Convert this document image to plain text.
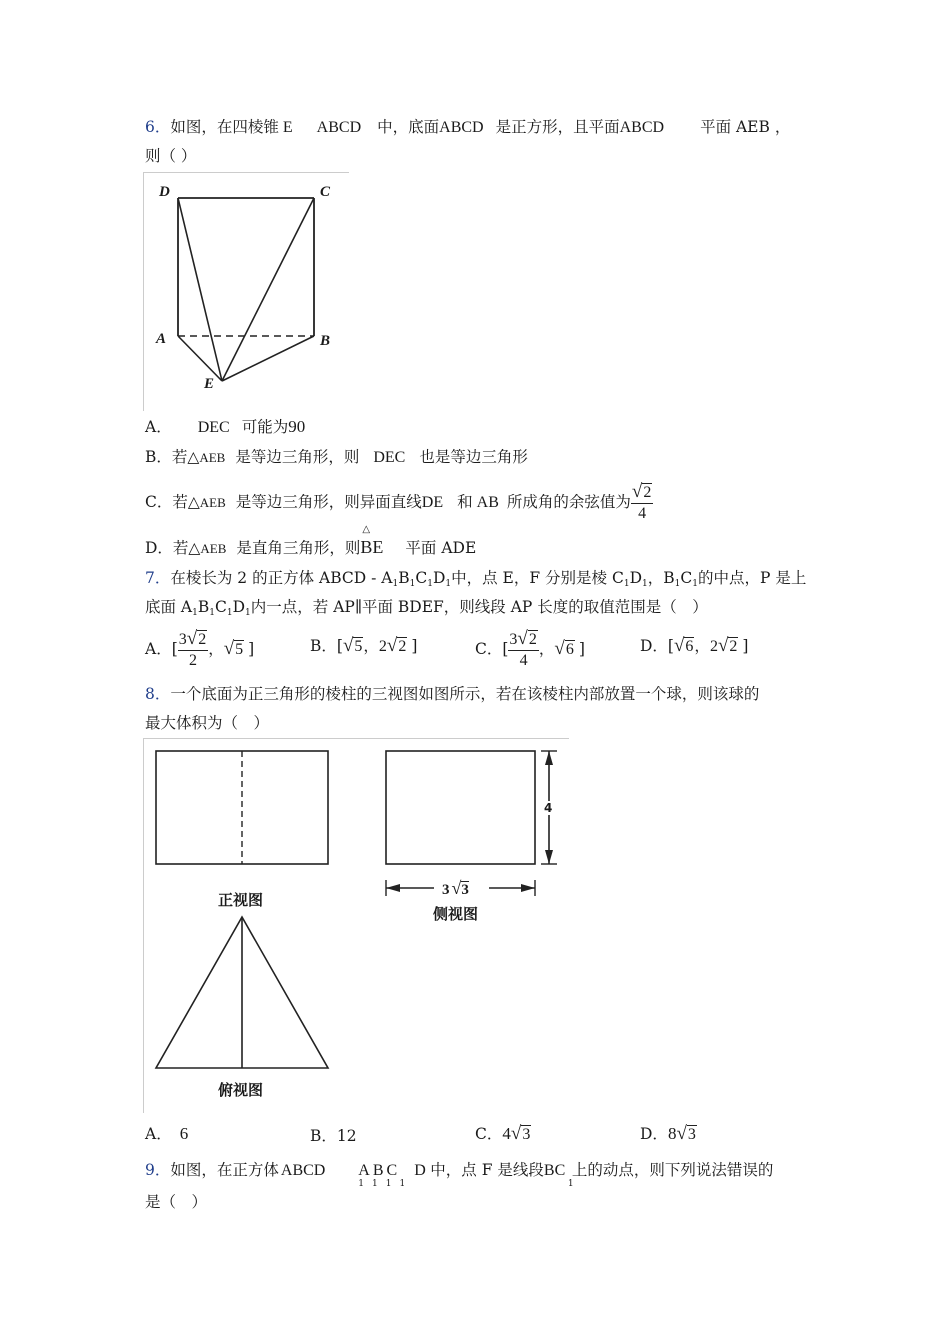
6．如图，在四棱锥 E ABCD 中，底面ABCD 是正方形，且平面ABCD 平面 AEB ，
则（ ）
D	C
A	B
E
A． DEC 可能为90
B．若△AEB 是等边三角形，则 DEC 也是等边三角形
C．若△AEB 是等边三角形，则异面直线DE 和 AB 所成角的余弦值为 $\frac{√2}{4}$
D．若△AEB 是直角三角形，则
△
BE 平面 ADE
7．在棱长为 2 的正方体 ABCD - $A_1B_1C_1D_1$中，点 E，F 分别是棱 $C_1D_1$，$B_1C_1$的中点，P 是上
底面 $A_1B_1C_1D_1$内一点，若 AP∥平面 BDEF，则线段 AP 长度的取值范围是（　）
A．[ $\frac{3√2}{2}$ ，√5 ]	B．[√5，2√2 ]	C．[ $\frac{3√2}{4}$ ，√6 ]	D．[√6，2√2 ]
8．一个底面为正三角形的棱柱的三视图如图所示，若在该棱柱内部放置一个球，则该球的
最大体积为（　）
正视图
侧视图
俯视图
4
3 √3
A． 6	B．12	C．4√3	D．8√3
9．如图，在正方体 ABCD ABC D
1111
中，点 F 是线段BC
1
上的动点，则下列说法错误的
是（　）
